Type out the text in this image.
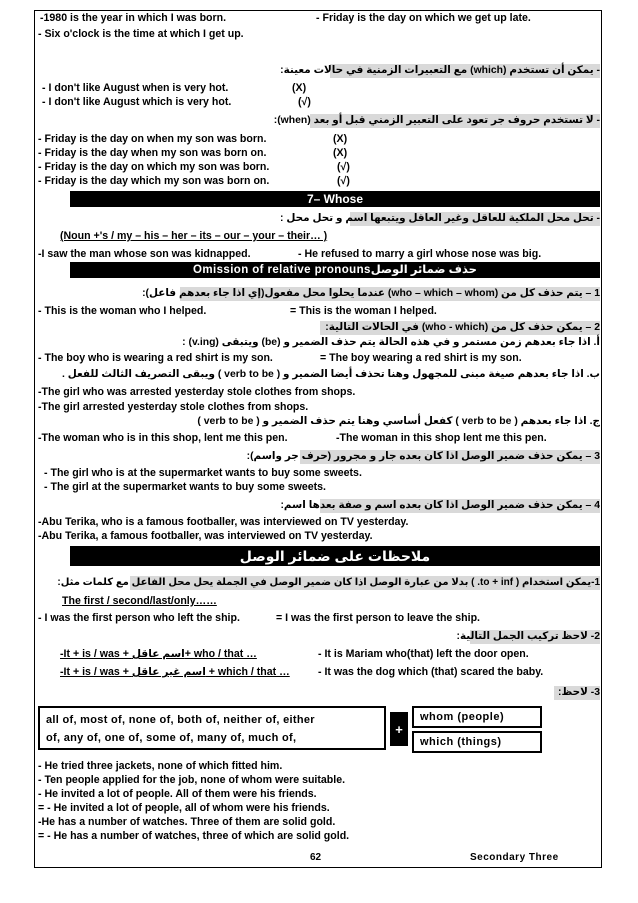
-1980 is the year in which I was born.	- Friday is the day on which we get up late.
- Six o'clock is the time at which I get up.
- يمكن أن تستخدم (which) مع التعبيرات الزمنية في حالات معينة:
- I don't like August when is very hot.	(X)
- I don't like August which is very hot.	(√)
- لا تستخدم حروف جر تعود على التعبير الزمني قبل أو بعد (when):
- Friday is the day on when my son was born.	(X)
- Friday is the day when my son was born on.	(X)
- Friday is the day on which my son was born.	(√)
- Friday is the day which my son was born on.	(√)
7– Whose
- تحل محل الملكية للعاقل وغير العاقل ويتبعها اسم و تحل محل :
(Noun +'s / my – his – her – its – our – your – their… )
-I saw the man whose son was kidnapped.	- He refused to marry a girl whose nose was big.
Omission of relative pronounsحذف ضمائر الوصل
1 – يتم حذف كل من (who – which – whom) عندما يحلوا محل مفعول(إي اذا جاء بعدهم فاعل):
- This is the woman who I helped.	= This is the woman I helped.
2 – يمكن حذف كل من (who - which) في الحالات التالية:
أ. اذا جاء بعدهم زمن مستمر و في هذه الحالة يتم حذف الضمير و (be) ويتبقى (v.ing) :
- The boy who is wearing a red shirt is my son.	= The boy wearing a red shirt is my son.
ب. اذا جاء بعدهم صيغة مبنى للمجهول وهنا تحذف أيضا الضمير و ( verb to be ) ويبقى التصريف الثالث للفعل .
-The girl who was arrested yesterday stole clothes from shops.
-The girl arrested yesterday stole clothes from shops.
ج. اذا جاء بعدهم ( verb to be ) كفعل أساسي وهنا يتم حذف الضمير و ( verb to be )
-The woman who is in this shop, lent me this pen.	-The woman in this shop lent me this pen.
3 – يمكن حذف ضمير الوصل اذا كان بعده جار و مجرور (حرف جر واسم):
- The girl who is at the supermarket wants to buy some sweets.
- The girl at the supermarket wants to buy some sweets.
4 – يمكن حذف ضمير الوصل اذا كان بعده اسم و صفة بعدها اسم:
-Abu Terika, who is a famous footballer, was interviewed on TV yesterday.
-Abu Terika, a famous footballer, was interviewed on TV yesterday.
ملاحظات على ضمائر الوصل
1-يمكن استخدام ( to + inf. ) بدلا من عبارة الوصل اذا كان ضمير الوصل في الجملة يحل محل الفاعل مع كلمات مثل:
The first / second/last/only……
- I was the first person who left the ship.	= I was the first person to leave the ship.
2- لاحظ تركيب الجمل التالية:
-It + is / was + اسم عاقل+ who / that …	- It is Mariam who(that) left the door open.
-It + is / was + اسم غير عاقل + which / that …	- It was the dog which (that) scared the baby.
3- لاحظ:
all of, most of, none of, both of, neither of, either
of, any of, one of, some of, many of, much of,
+
whom (people)
which (things)
- He tried three jackets, none of which fitted him.
- Ten people applied for the job, none of whom were suitable.
- He invited a lot of people. All of them were his friends.
= - He invited a lot of people, all of whom were his friends.
-He has a number of watches. Three of them are solid gold.
= - He has a number of watches, three of which are solid gold.
62	Secondary Three
